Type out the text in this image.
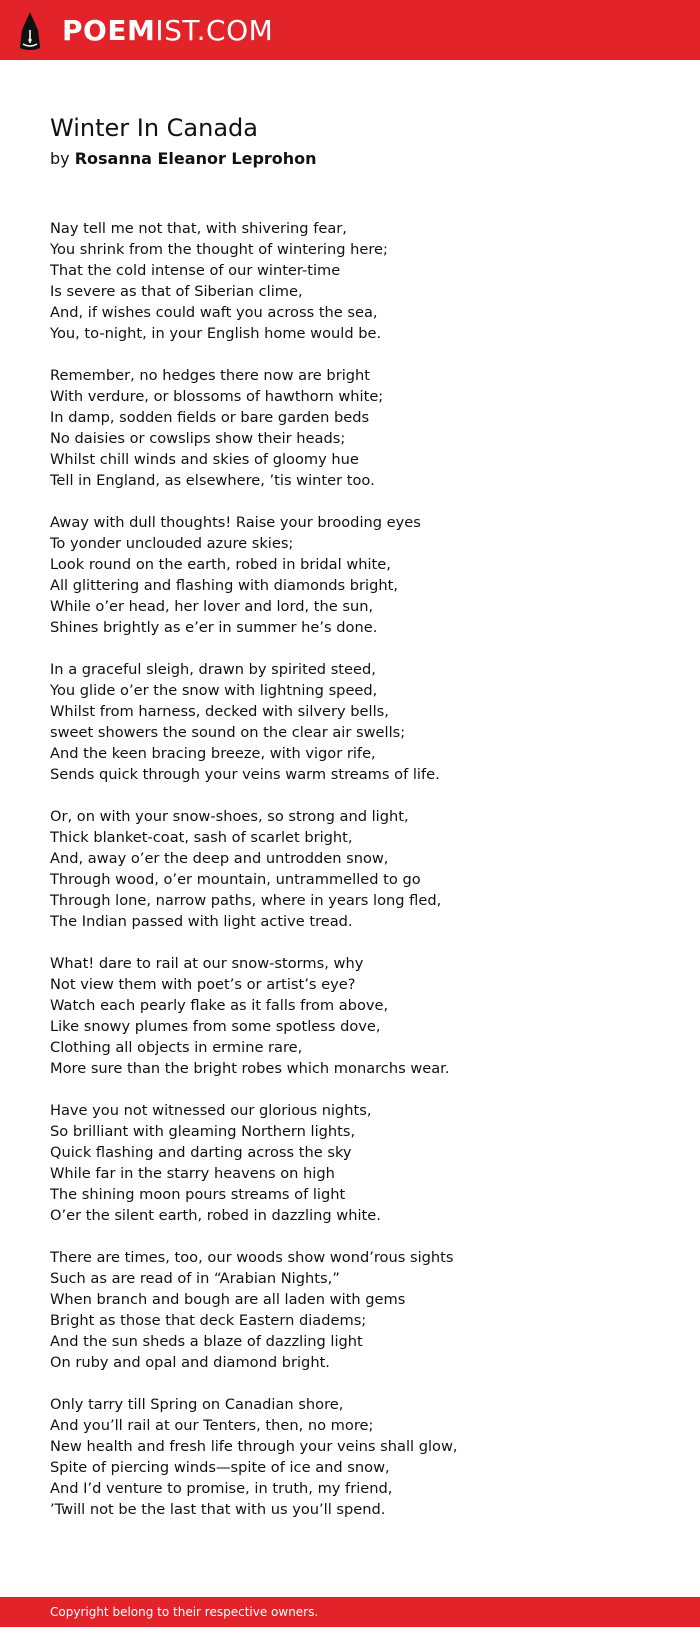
POEM IST.COM
Winter In Canada
by Rosanna Eleanor Leprohon
Nay tell me not that, with shivering fear,
You shrink from the thought of wintering here;
That the cold intense of our winter-time
Is severe as that of Siberian clime,
And, if wishes could waft you across the sea,
You, to-night, in your English home would be.
Remember, no hedges there now are bright
With verdure, or blossoms of hawthorn white;
In damp, sodden fields or bare garden beds
No daisies or cowslips show their heads;
Whilst chill winds and skies of gloomy hue
Tell in England, as elsewhere, ’tis winter too.
Away with dull thoughts! Raise your brooding eyes
To yonder unclouded azure skies;
Look round on the earth, robed in bridal white,
All glittering and flashing with diamonds bright,
While o’er head, her lover and lord, the sun,
Shines brightly as e’er in summer he’s done.
In a graceful sleigh, drawn by spirited steed,
You glide o’er the snow with lightning speed,
Whilst from harness, decked with silvery bells,
sweet showers the sound on the clear air swells;
And the keen bracing breeze, with vigor rife,
Sends quick through your veins warm streams of life.
Or, on with your snow-shoes, so strong and light,
Thick blanket-coat, sash of scarlet bright,
And, away o’er the deep and untrodden snow,
Through wood, o’er mountain, untrammelled to go
Through lone, narrow paths, where in years long fled,
The Indian passed with light active tread.
What! dare to rail at our snow-storms, why
Not view them with poet’s or artist’s eye?
Watch each pearly flake as it falls from above,
Like snowy plumes from some spotless dove,
Clothing all objects in ermine rare,
More sure than the bright robes which monarchs wear.
Have you not witnessed our glorious nights,
So brilliant with gleaming Northern lights,
Quick flashing and darting across the sky
While far in the starry heavens on high
The shining moon pours streams of light
O’er the silent earth, robed in dazzling white.
There are times, too, our woods show wond’rous sights
Such as are read of in “Arabian Nights,”
When branch and bough are all laden with gems
Bright as those that deck Eastern diadems;
And the sun sheds a blaze of dazzling light
On ruby and opal and diamond bright.
Only tarry till Spring on Canadian shore,
And you’ll rail at our Tenters, then, no more;
New health and fresh life through your veins shall glow,
Spite of piercing winds—spite of ice and snow,
And I’d venture to promise, in truth, my friend,
’Twill not be the last that with us you’ll spend.
Copyright belong to their respective owners.
